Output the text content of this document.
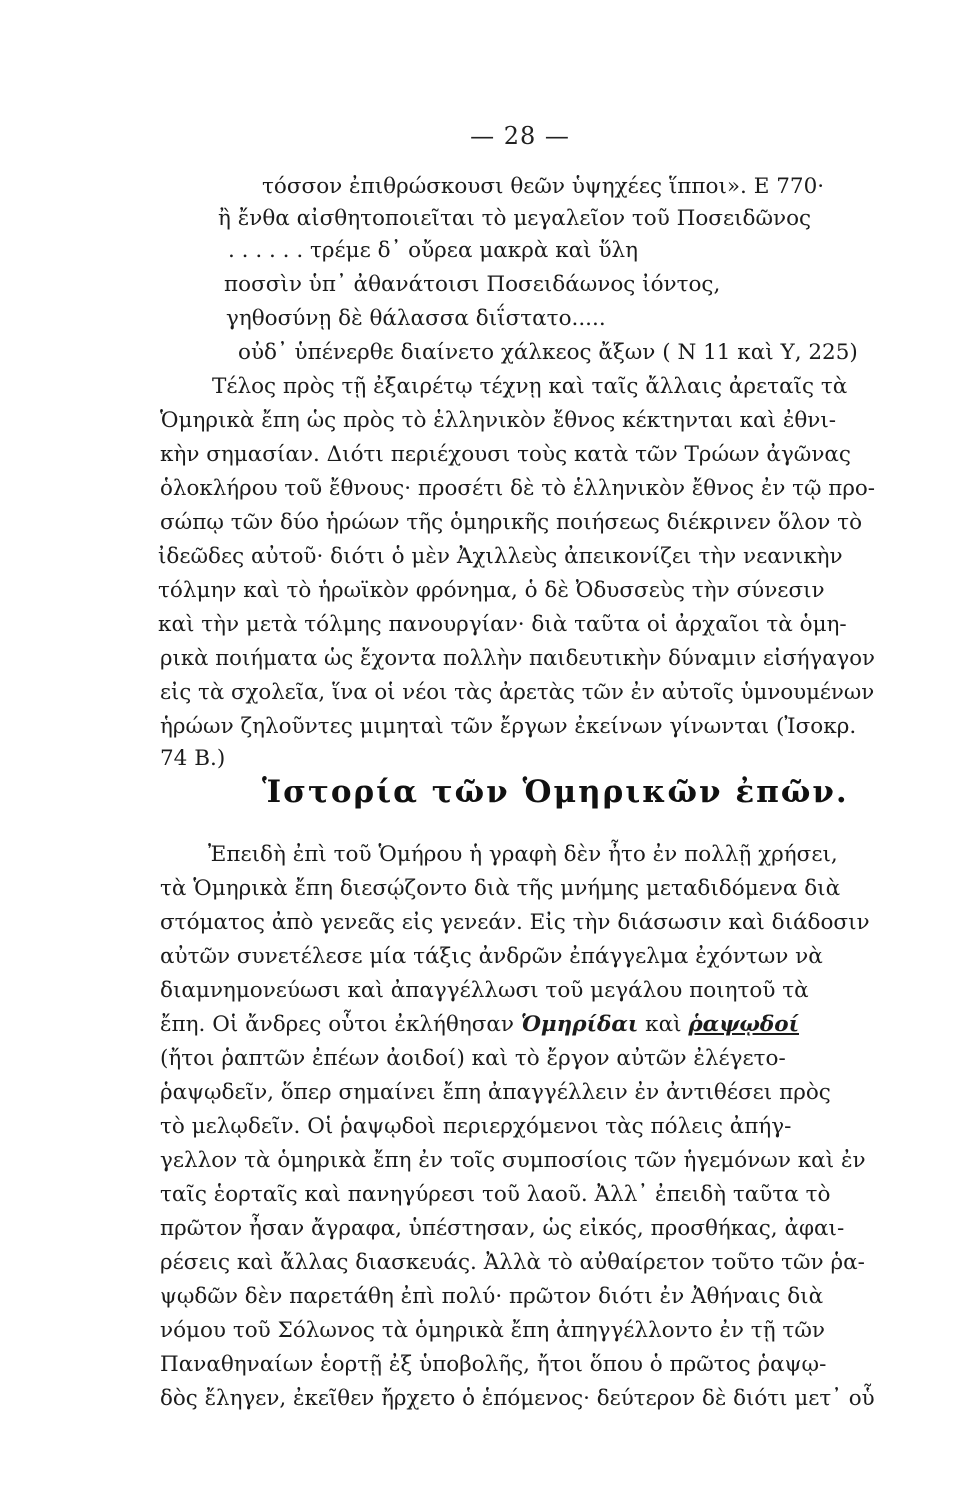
— 28 —
τόσσον ἐπιθρώσκουσι θεῶν ὑψηχέες ἵπποι». Ε 770·
ἢ ἔνθα αἰσθητοποιεῖται τὸ μεγαλεῖον τοῦ Ποσειδῶνος
. . . . . . τρέμε δ᾽ οὔρεα μακρὰ καὶ ὕλη
ποσσὶν ὑπ᾽ ἀθανάτοισι Ποσειδάωνος ἰόντος,
γηθοσύνῃ δὲ θάλασσα διΐστατο.....
οὐδ᾽ ὑπένερθε διαίνετο χάλκεος ἄξων ( Ν 11 καὶ Υ, 225)
Τέλος πρὸς τῇ ἐξαιρέτῳ τέχνῃ καὶ ταῖς ἄλλαις ἀρεταῖς τὰ
Ὁμηρικὰ ἔπη ὡς πρὸς τὸ ἑλληνικὸν ἔθνος κέκτηνται καὶ ἐθνι-
κὴν σημασίαν. Διότι περιέχουσι τοὺς κατὰ τῶν Τρώων ἀγῶνας
ὁλοκλήρου τοῦ ἔθνους· προσέτι δὲ τὸ ἑλληνικὸν ἔθνος ἐν τῷ προ-
σώπῳ τῶν δύο ἡρώων τῆς ὁμηρικῆς ποιήσεως διέκρινεν ὅλον τὸ
ἰδεῶδες αὐτοῦ· διότι ὁ μὲν Ἀχιλλεὺς ἀπεικονίζει τὴν νεανικὴν
τόλμην καὶ τὸ ἡρωϊκὸν φρόνημα, ὁ δὲ Ὀδυσσεὺς τὴν σύνεσιν
καὶ τὴν μετὰ τόλμης πανουργίαν· διὰ ταῦτα οἱ ἀρχαῖοι τὰ ὁμη-
ρικὰ ποιήματα ὡς ἔχοντα πολλὴν παιδευτικὴν δύναμιν εἰσήγαγον
εἰς τὰ σχολεῖα, ἵνα οἱ νέοι τὰς ἀρετὰς τῶν ἐν αὐτοῖς ὑμνουμένων
ἡρώων ζηλοῦντες μιμηταὶ τῶν ἔργων ἐκείνων γίνωνται (Ἰσοκρ.
74 Β.)
Ἱστορία τῶν Ὁμηρικῶν ἐπῶν.
Ἐπειδὴ ἐπὶ τοῦ Ὁμήρου ἡ γραφὴ δὲν ἦτο ἐν πολλῇ χρήσει,
τὰ Ὁμηρικὰ ἔπη διεσῴζοντο διὰ τῆς μνήμης μεταδιδόμενα διὰ
στόματος ἀπὸ γενεᾶς εἰς γενεάν. Εἰς τὴν διάσωσιν καὶ διάδοσιν
αὐτῶν συνετέλεσε μία τάξις ἀνδρῶν ἐπάγγελμα ἐχόντων νὰ
διαμνημονεύωσι καὶ ἀπαγγέλλωσι τοῦ μεγάλου ποιητοῦ τὰ
ἔπη. Οἱ ἄνδρες οὗτοι ἐκλήθησαν Ὁμηρίδαι καὶ ῥαψῳδοί
(ἤτοι ῥαπτῶν ἐπέων ἀοιδοί) καὶ τὸ ἔργον αὐτῶν ἐλέγετο-
ῥαψῳδεῖν, ὅπερ σημαίνει ἔπη ἀπαγγέλλειν ἐν ἀντιθέσει πρὸς
τὸ μελῳδεῖν. Οἱ ῥαψῳδοὶ περιερχόμενοι τὰς πόλεις ἀπήγ-
γελλον τὰ ὁμηρικὰ ἔπη ἐν τοῖς συμποσίοις τῶν ἡγεμόνων καὶ ἐν
ταῖς ἑορταῖς καὶ πανηγύρεσι τοῦ λαοῦ. Ἀλλ᾽ ἐπειδὴ ταῦτα τὸ
πρῶτον ἦσαν ἄγραφα, ὑπέστησαν, ὡς εἰκός, προσθήκας, ἀφαι-
ρέσεις καὶ ἄλλας διασκευάς. Ἀλλὰ τὸ αὐθαίρετον τοῦτο τῶν ῥα-
ψῳδῶν δὲν παρετάθη ἐπὶ πολύ· πρῶτον διότι ἐν Ἀθήναις διὰ
νόμου τοῦ Σόλωνος τὰ ὁμηρικὰ ἔπη ἀπηγγέλλοντο ἐν τῇ τῶν
Παναθηναίων ἑορτῇ ἐξ ὑποβολῆς, ἤτοι ὅπου ὁ πρῶτος ῥαψῳ-
δὸς ἔληγεν, ἐκεῖθεν ἤρχετο ὁ ἑπόμενος· δεύτερον δὲ διότι μετ᾽ οὗ
